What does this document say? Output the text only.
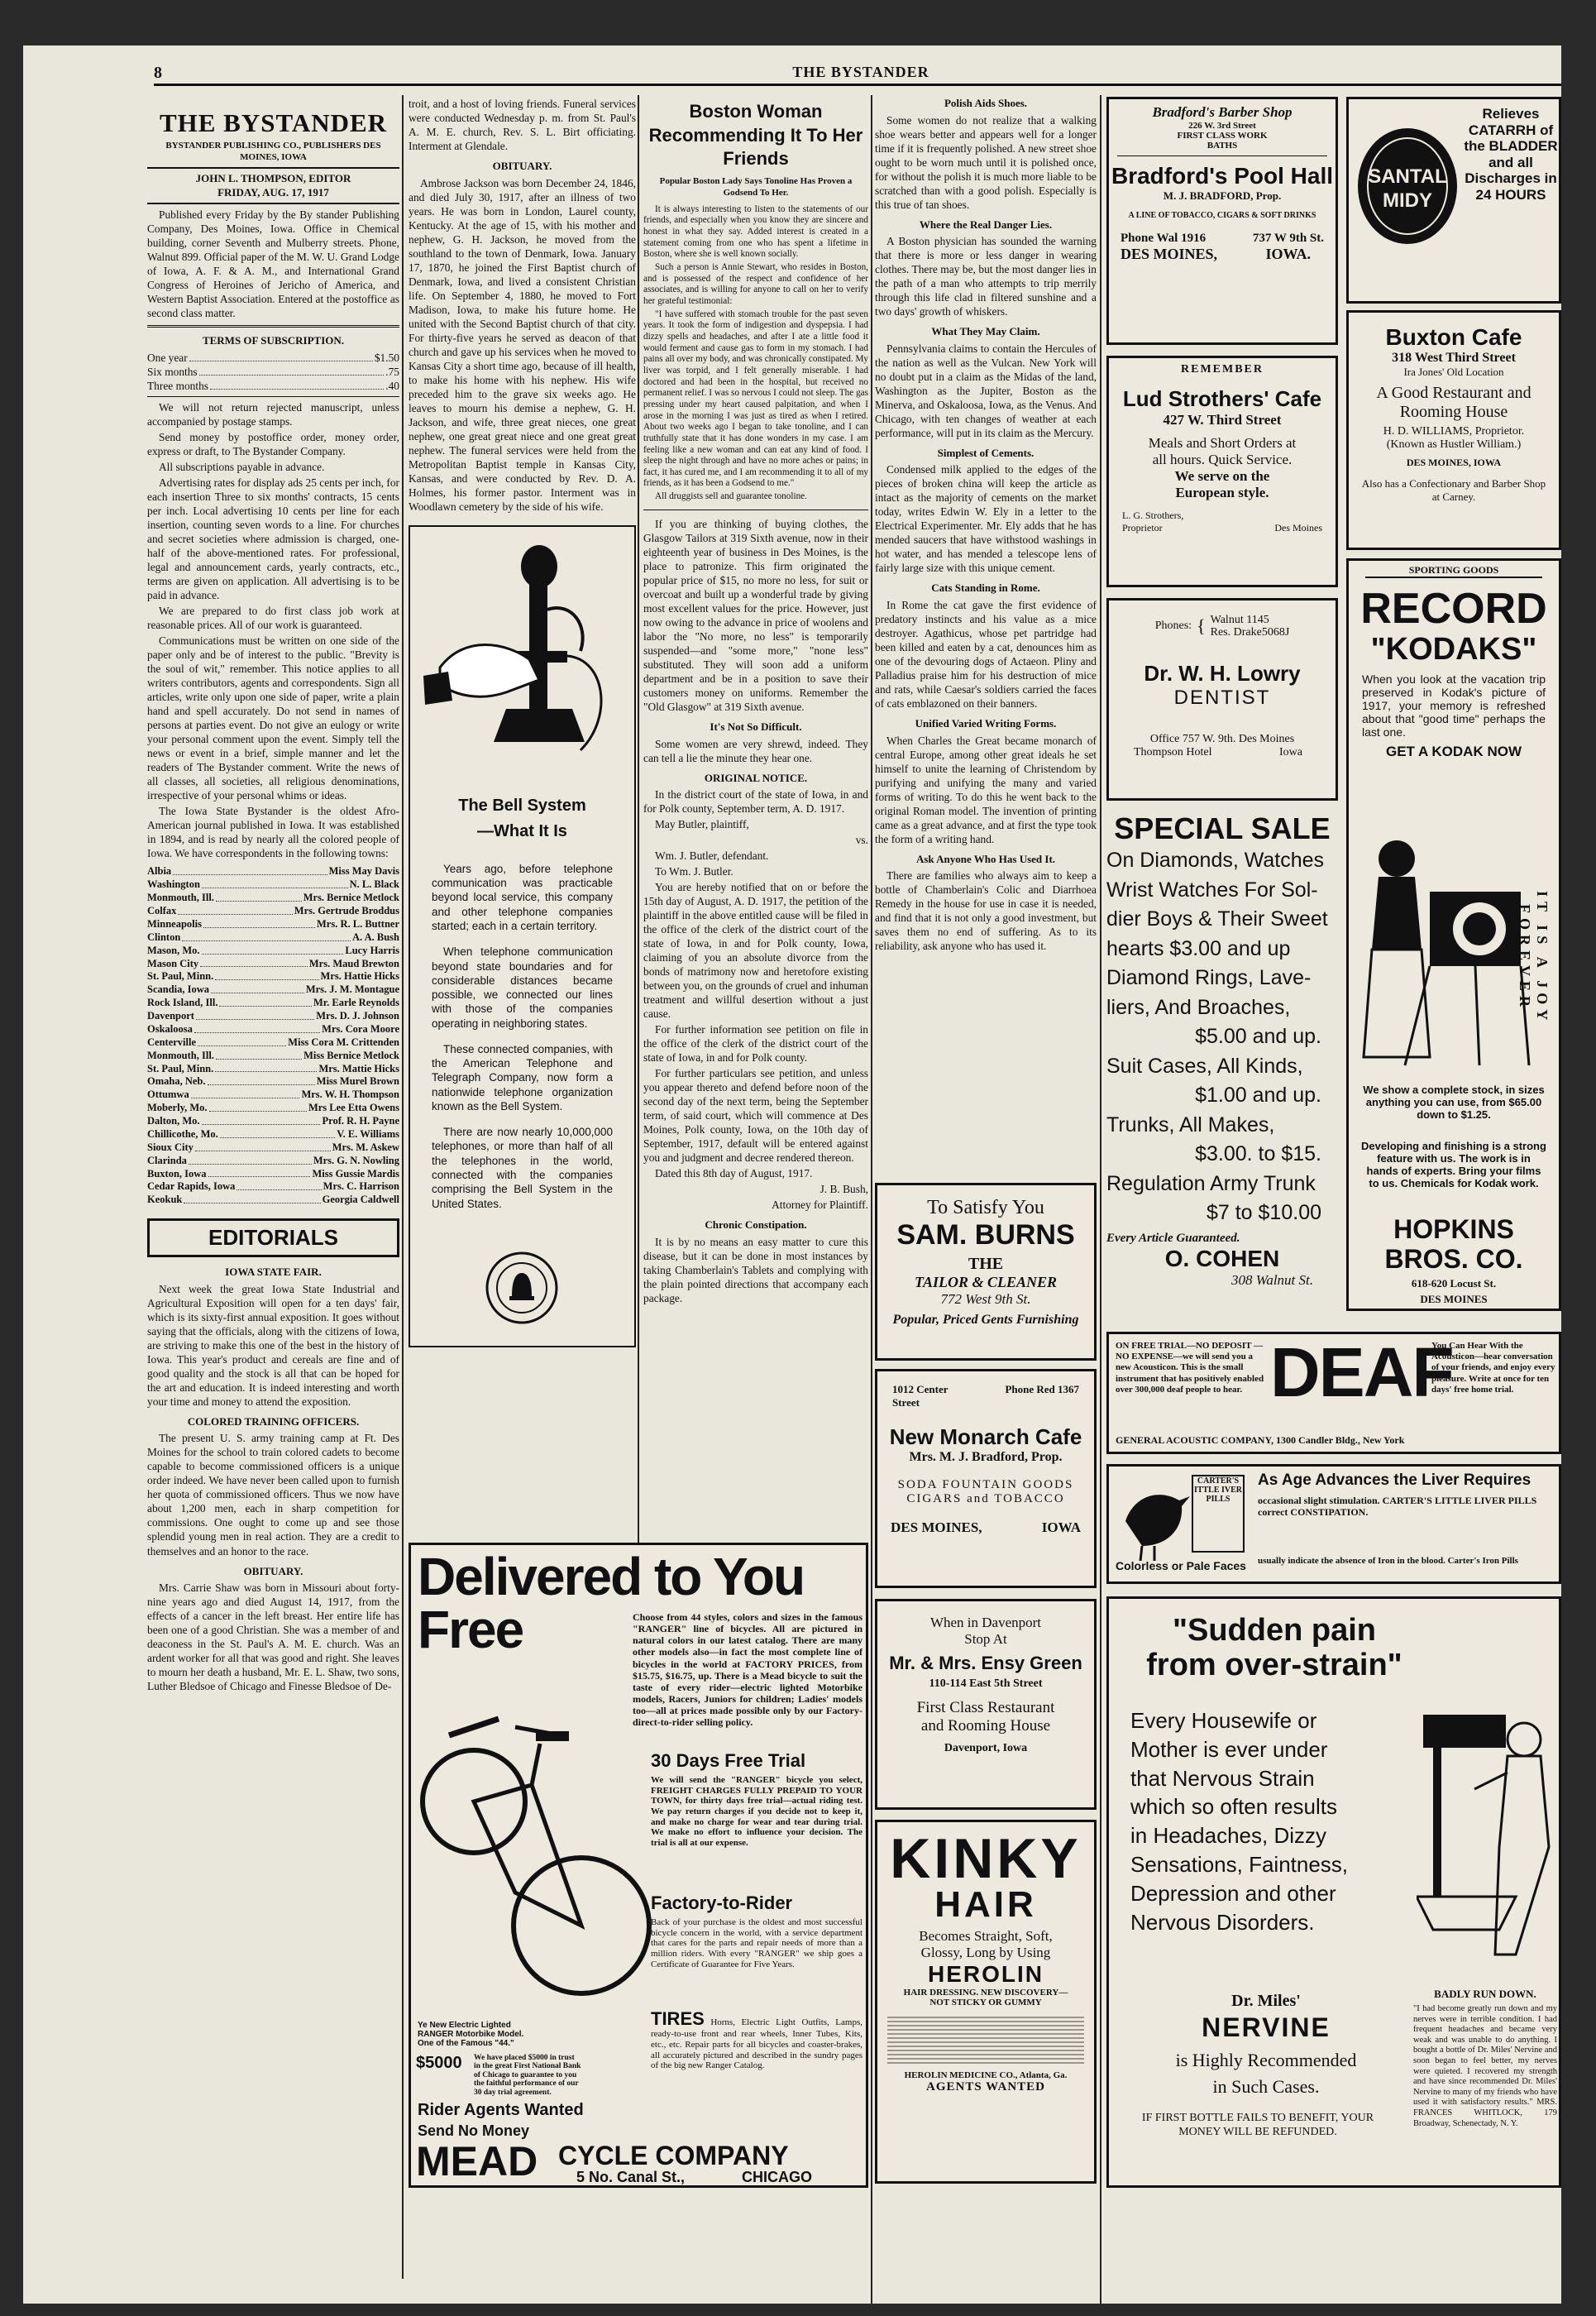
8	THE BYSTANDER
THE BYSTANDER
BYSTANDER PUBLISHING CO., PUBLISHERS DES MOINES, IOWA
JOHN L. THOMPSON, EDITOR
FRIDAY, AUG. 17, 1917

Published every Friday by the By stander Publishing Company, Des Moines, Iowa. Office in Chemical building, corner Seventh and Mulberry streets. Phone, Walnut 899. Official paper of the M. W. U. Grand Lodge of Iowa, A. F. & A. M., and International Grand Congress of Heroines of Jericho of America, and Western Baptist Association. Entered at the postoffice as second class matter.

TERMS OF SUBSCRIPTION.
One year	$1.50
Six months	.75
Three months	.40

We will not return rejected manuscript, unless accompanied by postage stamps.

Send money by postoffice order, money order, express or draft, to The Bystander Company.

All subscriptions payable in advance.

Advertising rates for display ads 25 cents per inch, for each insertion Three to six months' contracts, 15 cents per inch. Local advertising 10 cents per line for each insertion, counting seven words to a line. For churches and secret societies where admission is charged, one-half of the above-mentioned rates. For professional, legal and announcement cards, yearly contracts, etc., terms are given on application. All advertising is to be paid in advance.

We are prepared to do first class job work at reasonable prices. All of our work is guaranteed.

Communications must be written on one side of the paper only and be of interest to the public. "Brevity is the soul of wit," remember. This notice applies to all writers contributors, agents and correspondents. Sign all articles, write only upon one side of paper, write a plain hand and spell accurately. Do not send in names of persons at parties event. Do not give an eulogy or write your personal comment upon the event. Simply tell the news or event in a brief, simple manner and let the readers of The Bystander comment. Write the news of all classes, all societies, all religious denominations, irrespective of your personal whims or ideas.

The Iowa State Bystander is the oldest Afro-American journal published in Iowa. It was established in 1894, and is read by nearly all the colored people of Iowa. We have correspondents in the following towns:

Albia	Miss May Davis
Washington	N. L. Black
Monmouth, Ill.	Mrs. Bernice Metlock
Colfax	Mrs. Gertrude Broddus
Minneapolis	Mrs. R. L. Buttner
Clinton	A. A. Bush
Mason, Mo.	Lucy Harris
Mason City	Mrs. Maud Brewton
St. Paul, Minn.	Mrs. Hattie Hicks
Scandia, Iowa	Mrs. J. M. Montague
Rock Island, Ill.	Mr. Earle Reynolds
Davenport	Mrs. D. J. Johnson
Oskaloosa	Mrs. Cora Moore
Centerville	Miss Cora M. Crittenden
Monmouth, Ill.	Miss Bernice Metlock
St. Paul, Minn.	Mrs. Mattie Hicks
Omaha, Neb.	Miss Murel Brown
Ottumwa	Mrs. W. H. Thompson
Moberly, Mo.	Mrs Lee Etta Owens
Dalton, Mo.	Prof. R. H. Payne
Chillicothe, Mo.	V. E. Williams
Sioux City	Mrs. M. Askew
Clarinda	Mrs. G. N. Nowling
Buxton, Iowa	Miss Gussie Mardis
Cedar Rapids, Iowa	Mrs. C. Harrison
Keokuk	Georgia Caldwell
EDITORIALS
IOWA STATE FAIR.

Next week the great Iowa State Industrial and Agricultural Exposition will open for a ten days' fair, which is its sixty-first annual exposition. It goes without saying that the officials, along with the citizens of Iowa, are striving to make this one of the best in the history of Iowa. This year's product and cereals are fine and of good quality and the stock is all that can be hoped for the art and education. It is indeed interesting and worth your time and money to attend the exposition.

COLORED TRAINING OFFICERS.

The present U. S. army training camp at Ft. Des Moines for the school to train colored cadets to become capable to become commissioned officers is a unique order indeed. We have never been called upon to furnish her quota of commissioned officers. Thus we now have about 1,200 men, each in sharp competition for commissions. One ought to come up and see those splendid young men in real action. They are a credit to themselves and an honor to the race.

OBITUARY.

Mrs. Carrie Shaw was born in Missouri about forty-nine years ago and died August 14, 1917, from the effects of a cancer in the left breast. Her entire life has been one of a good Christian. She was a member of and deaconess in the St. Paul's A. M. E. church. Was an ardent worker for all that was good and right. She leaves to mourn her death a husband, Mr. E. L. Shaw, two sons, Luther Bledsoe of Chicago and Finesse Bledsoe of De-

troit, and a host of loving friends. Funeral services were conducted Wednesday p. m. from St. Paul's A. M. E. church, Rev. S. L. Birt officiating. Interment at Glendale.

OBITUARY.

Ambrose Jackson was born December 24, 1846, and died July 30, 1917, after an illness of two years. He was born in London, Laurel county, Kentucky. At the age of 15, with his mother and nephew, G. H. Jackson, he moved from the southland to the town of Denmark, Iowa. January 17, 1870, he joined the First Baptist church of Denmark, Iowa, and lived a consistent Christian life. On September 4, 1880, he moved to Fort Madison, Iowa, to make his future home. He united with the Second Baptist church of that city. For thirty-five years he served as deacon of that church and gave up his services when he moved to Kansas City a short time ago, because of ill health, to make his home with his nephew. His wife preceded him to the grave six weeks ago. He leaves to mourn his demise a nephew, G. H. Jackson, and wife, three great nieces, one great nephew, one great great niece and one great great nephew. The funeral services were held from the Metropolitan Baptist temple in Kansas City, Kansas, and were conducted by Rev. D. A. Holmes, his former pastor. Interment was in Woodlawn cemetery by the side of his wife.

The Bell System
—What It Is

Years ago, before telephone communication was practicable beyond local service, this company and other telephone companies started; each in a certain territory.

When telephone communication beyond state boundaries and for considerable distances became possible, we connected our lines with those of the companies operating in neighboring states.

These connected companies, with the American Telephone and Telegraph Company, now form a nationwide telephone organization known as the Bell System.

There are now nearly 10,000,000 telephones, or more than half of all the telephones in the world, connected with the companies comprising the Bell System in the United States.

Boston Woman Recommending It To Her Friends
Popular Boston Lady Says Tonoline Has Proven a Godsend To Her.

It is always interesting to listen to the statements of our friends, and especially when you know they are sincere and honest in what they say. Added interest is created in a statement coming from one who has spent a lifetime in Boston, where she is well known socially.

Such a person is Annie Stewart, who resides in Boston, and is possessed of the respect and confidence of her associates, and is willing for anyone to call on her to verify her grateful testimonial:

"I have suffered with stomach trouble for the past seven years. It took the form of indigestion and dyspepsia. I had dizzy spells and headaches, and after I ate a little food it would ferment and cause gas to form in my stomach. I had pains all over my body, and was chronically constipated. My liver was torpid, and I felt generally miserable. I had doctored and had been in the hospital, but received no permanent relief. I was so nervous I could not sleep. The gas pressing under my heart caused palpitation, and when I arose in the morning I was just as tired as when I retired. About two weeks ago I began to take tonoline, and I can truthfully state that it has done wonders in my case. I am feeling like a new woman and can eat any kind of food. I sleep the night through and have no more aches or pains; in fact, it has cured me, and I am recommending it to all of my friends, as it has been a Godsend to me."

All druggists sell and guarantee tonoline.

If you are thinking of buying clothes, the Glasgow Tailors at 319 Sixth avenue, now in their eighteenth year of business in Des Moines, is the place to patronize. This firm originated the popular price of $15, no more no less, for suit or overcoat and built up a wonderful trade by giving most excellent values for the price. However, just now owing to the advance in price of woolens and labor the "No more, no less" is temporarily suspended—and "some more," "none less" substituted. They will soon add a uniform department and be in a position to save their customers money on uniforms. Remember the "Old Glasgow" at 319 Sixth avenue.

It's Not So Difficult.

Some women are very shrewd, indeed. They can tell a lie the minute they hear one.

ORIGINAL NOTICE.

In the district court of the state of Iowa, in and for Polk county, September term, A. D. 1917.

May Butler, plaintiff,

vs.

Wm. J. Butler, defendant.

To Wm. J. Butler.

You are hereby notified that on or before the 15th day of August, A. D. 1917, the petition of the plaintiff in the above entitled cause will be filed in the office of the clerk of the district court of the state of Iowa, in and for Polk county, Iowa, claiming of you an absolute divorce from the bonds of matrimony now and heretofore existing between you, on the grounds of cruel and inhuman treatment and willful desertion without a just cause.

For further information see petition on file in the office of the clerk of the district court of the state of Iowa, in and for Polk county.

For further particulars see petition, and unless you appear thereto and defend before noon of the second day of the next term, being the September term, of said court, which will commence at Des Moines, Polk county, Iowa, on the 10th day of September, 1917, default will be entered against you and judgment and decree rendered thereon.

Dated this 8th day of August, 1917.

J. B. Bush,

Attorney for Plaintiff.

Chronic Constipation.

It is by no means an easy matter to cure this disease, but it can be done in most instances by taking Chamberlain's Tablets and complying with the plain pointed directions that accompany each package.

Polish Aids Shoes.

Some women do not realize that a walking shoe wears better and appears well for a longer time if it is frequently polished. A new street shoe ought to be worn much until it is polished once, for without the polish it is much more liable to be scratched than with a good polish. Especially is this true of tan shoes.

Where the Real Danger Lies.

A Boston physician has sounded the warning that there is more or less danger in wearing clothes. There may be, but the most danger lies in the path of a man who attempts to trip merrily through this life clad in filtered sunshine and a two days' growth of whiskers.

What They May Claim.

Pennsylvania claims to contain the Hercules of the nation as well as the Vulcan. New York will no doubt put in a claim as the Midas of the land, Washington as the Jupiter, Boston as the Minerva, and Oskaloosa, Iowa, as the Venus. And Chicago, with ten changes of weather at each performance, will put in its claim as the Mercury.

Simplest of Cements.

Condensed milk applied to the edges of the pieces of broken china will keep the article as intact as the majority of cements on the market today, writes Edwin W. Ely in a letter to the Electrical Experimenter. Mr. Ely adds that he has mended saucers that have withstood washings in hot water, and has mended a telescope lens of fairly large size with this unique cement.

Cats Standing in Rome.

In Rome the cat gave the first evidence of predatory instincts and his value as a mice destroyer. Agathicus, whose pet partridge had been killed and eaten by a cat, denounces him as one of the devouring dogs of Actaeon. Pliny and Palladius praise him for his destruction of mice and rats, while Caesar's soldiers carried the faces of cats emblazoned on their banners.

Unified Varied Writing Forms.

When Charles the Great became monarch of central Europe, among other great ideals he set himself to unite the learning of Christendom by purifying and unifying the many and varied forms of writing. To do this he went back to the original Roman model. The invention of printing came as a great advance, and at first the type took the form of a writing hand.

Ask Anyone Who Has Used It.

There are families who always aim to keep a bottle of Chamberlain's Colic and Diarrhoea Remedy in the house for use in case it is needed, and find that it is not only a good investment, but saves them no end of suffering. As to its reliability, ask anyone who has used it.

To Satisfy You
SAM. BURNS
THE
TAILOR & CLEANER
772 West 9th St.
Popular, Priced Gents Furnishing
1012 Center Street
Phone Red 1367
New Monarch Cafe
Mrs. M. J. Bradford, Prop.
SODA FOUNTAIN GOODS
CIGARS and TOBACCO
DES MOINES,	IOWA
When in Davenport
Stop At
Mr. & Mrs. Ensy Green
110-114 East 5th Street
First Class Restaurant
and Rooming House
Davenport, Iowa
KINKY
HAIR
Becomes Straight, Soft,
Glossy, Long by Using
HEROLIN
HAIR DRESSING. NEW DISCOVERY—
NOT STICKY OR GUMMY
HEROLIN MEDICINE CO., Atlanta, Ga.
AGENTS WANTED
Bradford's Barber Shop
226 W. 3rd Street
FIRST CLASS WORK
BATHS
Bradford's Pool Hall
M. J. BRADFORD, Prop.
A LINE OF TOBACCO, CIGARS & SOFT DRINKS
Phone Wal 1916	737 W 9th St.
DES MOINES,	IOWA.
REMEMBER
Lud Strothers' Cafe
427 W. Third Street
Meals and Short Orders at
all hours. Quick Service.
We serve on the
European style.
L. G. Strothers,
Proprietor	Des Moines
Phones: { Walnut 1145
Res. Drake5068J
Dr. W. H. Lowry
DENTIST
Office 757 W. 9th. Des Moines
Thompson Hotel	Iowa
SPECIAL SALE
On Diamonds, Watches
Wrist Watches For Sol-
dier Boys & Their Sweet
hearts $3.00 and up
Diamond Rings, Lave-
liers, And Broaches,
$5.00 and up.
Suit Cases, All Kinds,
$1.00 and up.
Trunks, All Makes,
$3.00. to $15.
Regulation Army Trunk
$7 to $10.00
Every Article Guaranteed.
O. COHEN
308 Walnut St.
SANTAL MIDY
Relieves CATARRH of the BLADDER and all Discharges in 24 HOURS
Buxton Cafe
318 West Third Street
Ira Jones' Old Location
A Good Restaurant and
Rooming House
H. D. WILLIAMS, Proprietor.
(Known as Hustler William.)
DES MOINES, IOWA
Also has a Confectionary and Barber Shop at Carney.
SPORTING GOODS
RECORD
"KODAKS"
When you look at the vacation trip preserved in Kodak's picture of 1917, your memory is refreshed about that "good time" perhaps the last one.
GET A KODAK NOW
IT IS A JOY FOREVER
We show a complete stock, in sizes anything you can use, from $65.00 down to $1.25.
Developing and finishing is a strong feature with us. The work is in hands of experts. Bring your films to us. Chemicals for Kodak work.
HOPKINS
BROS. CO.
618-620 Locust St.
DES MOINES
Delivered to You Free
Ye New Electric Lighted RANGER Motorbike Model. One of the Famous "44."
$5000	We have placed $5000 in trust in the great First National Bank of Chicago to guarantee to you the faithful performance of our 30 day trial agreement.
Choose from 44 styles, colors and sizes in the famous "RANGER" line of bicycles. All are pictured in natural colors in our latest catalog. There are many other models also—in fact the most complete line of bicycles in the world at FACTORY PRICES, from $15.75, $16.75, up. There is a Mead bicycle to suit the taste of every rider—electric lighted Motorbike models, Racers, Juniors for children; Ladies' models too—all at prices made possible only by our Factory-direct-to-rider selling policy.
30 Days Free Trial
We will send the "RANGER" bicycle you select, FREIGHT CHARGES FULLY PREPAID TO YOUR TOWN, for thirty days free trial—actual riding test. We pay return charges if you decide not to keep it, and make no charge for wear and tear during trial. We make no effort to influence your decision. The trial is all at our expense.
Factory-to-Rider
Back of your purchase is the oldest and most successful bicycle concern in the world, with a service department that cares for the parts and repair needs of more than a million riders. With every "RANGER" we ship goes a Certificate of Guarantee for Five Years.
TIRES Horns, Electric Light Outfits, Lamps, ready-to-use front and rear wheels, Inner Tubes, Kits, etc., etc. Repair parts for all bicycles and coaster-brakes, all accurately pictured and described in the sundry pages of the big new Ranger Catalog.
Rider Agents Wanted
Send No Money
MEAD CYCLE COMPANY
5 No. Canal St.,	CHICAGO
ON FREE TRIAL—NO DEPOSIT —NO EXPENSE—we will send you a new Acousticon. This is the small instrument that has positively enabled over 300,000 deaf people to hear. DEAF
You Can Hear With the Acousticon—hear conversation of your friends, and enjoy every pleasure. Write at once for ten days' free home trial.
GENERAL ACOUSTIC COMPANY, 1300 Candler Bldg., New York
CARTER'S ITTLE IVER PILLS
As Age Advances the Liver Requires
occasional slight stimulation. CARTER'S LITTLE LIVER PILLS correct CONSTIPATION.
Colorless or Pale Faces usually indicate the absence of Iron in the blood. Carter's Iron Pills
"Sudden pain from over-strain"
Every Housewife or
Mother is ever under
that Nervous Strain
which so often results
in Headaches, Dizzy
Sensations, Faintness,
Depression and other
Nervous Disorders.
Dr. Miles'
NERVINE
is Highly Recommended
in Such Cases.
IF FIRST BOTTLE FAILS TO BENEFIT, YOUR MONEY WILL BE REFUNDED.
BADLY RUN DOWN.
"I had become greatly run down and my nerves were in terrible condition. I had frequent headaches and became very weak and was unable to do anything. I bought a bottle of Dr. Miles' Nervine and soon began to feel better, my nerves were quieted. I recovered my strength and have since recommended Dr. Miles' Nervine to many of my friends who have used it with satisfactory results." MRS. FRANCES WHITLOCK, 179 Broadway, Schenectady, N. Y.
